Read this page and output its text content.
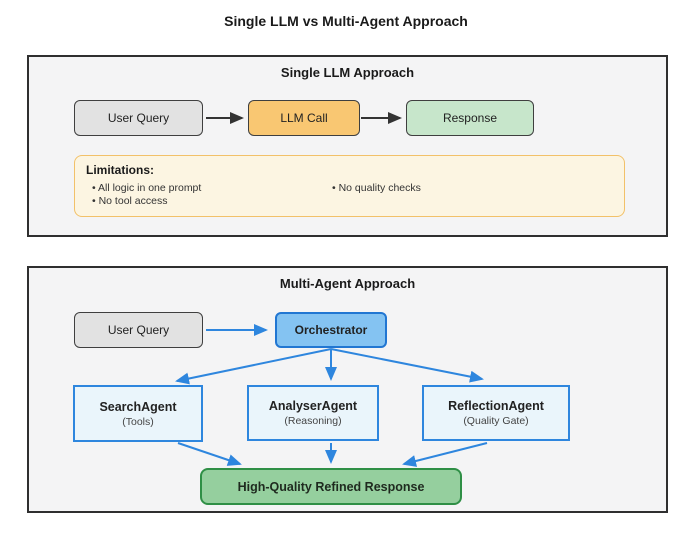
Single LLM vs Multi-Agent Approach
Single LLM Approach
Multi-Agent Approach
User Query	LLM Call	Response
Limitations:
• All logic in one prompt
• No tool access
• No quality checks
User Query	Orchestrator
SearchAgent
(Tools)
AnalyserAgent
(Reasoning)
ReflectionAgent
(Quality Gate)
High-Quality Refined Response
